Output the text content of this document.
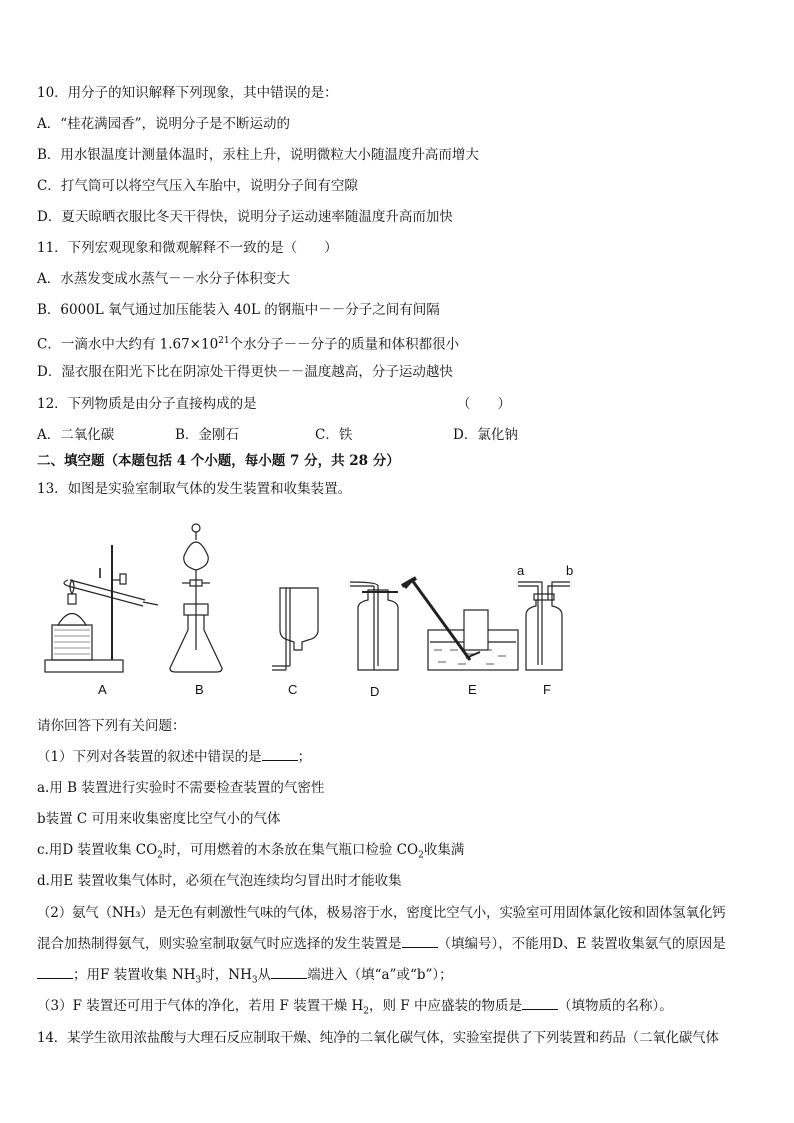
10．用分子的知识解释下列现象，其中错误的是：
A．“桂花满园香”，说明分子是不断运动的
B．用水银温度计测量体温时，汞柱上升，说明微粒大小随温度升高而增大
C．打气筒可以将空气压入车胎中，说明分子间有空隙
D．夏天晾晒衣服比冬天干得快，说明分子运动速率随温度升高而加快
11．下列宏观现象和微观解释不一致的是（　　）
A．水蒸发变成水蒸气－－水分子体积变大
B．6000L 氧气通过加压能装入 40L 的钢瓶中－－分子之间有间隔
C．一滴水中大约有 $1.67\times 10^{21}$个水分子－－分子的质量和体积都很小
D．湿衣服在阳光下比在阴凉处干得更快－－温度越高，分子运动越快
12．下列物质是由分子直接构成的是	（　　）
A．二氧化碳	B．金刚石	C．铁	D．氯化钠
二、填空题（本题包括 4 个小题，每小题 7 分，共 28 分）
13．如图是实验室制取气体的发生装置和收集装置。
a	b
A	B	C	D	E	F
请你回答下列有关问题：
（1）下列对各装置的叙述中错误的是	；
a.用 B 装置进行实验时不需要检查装置的气密性
b装置 C 可用来收集密度比空气小的气体
c.用D 装置收集 $CO_2$时，可用燃着的木条放在集气瓶口检验 $CO_2$收集满
d.用E 装置收集气体时，必须在气泡连续均匀冒出时才能收集
（2）氨气（NH₃）是无色有刺激性气味的气体，极易溶于水，密度比空气小，实验室可用固体氯化铵和固体氢氧化钙
混合加热制得氨气，则实验室制取氨气时应选择的发生装置是	（填编号），不能用D、E 装置收集氨气的原因是
；用F 装置收集 $NH_3$时，$NH_3$从	端进入（填“a”或“b”）；
（3）F 装置还可用于气体的净化，若用 F 装置干燥 $H_2$，则 F 中应盛装的物质是	（填物质的名称）。
14．某学生欲用浓盐酸与大理石反应制取干燥、纯净的二氧化碳气体，实验室提供了下列装置和药品（二氧化碳气体
